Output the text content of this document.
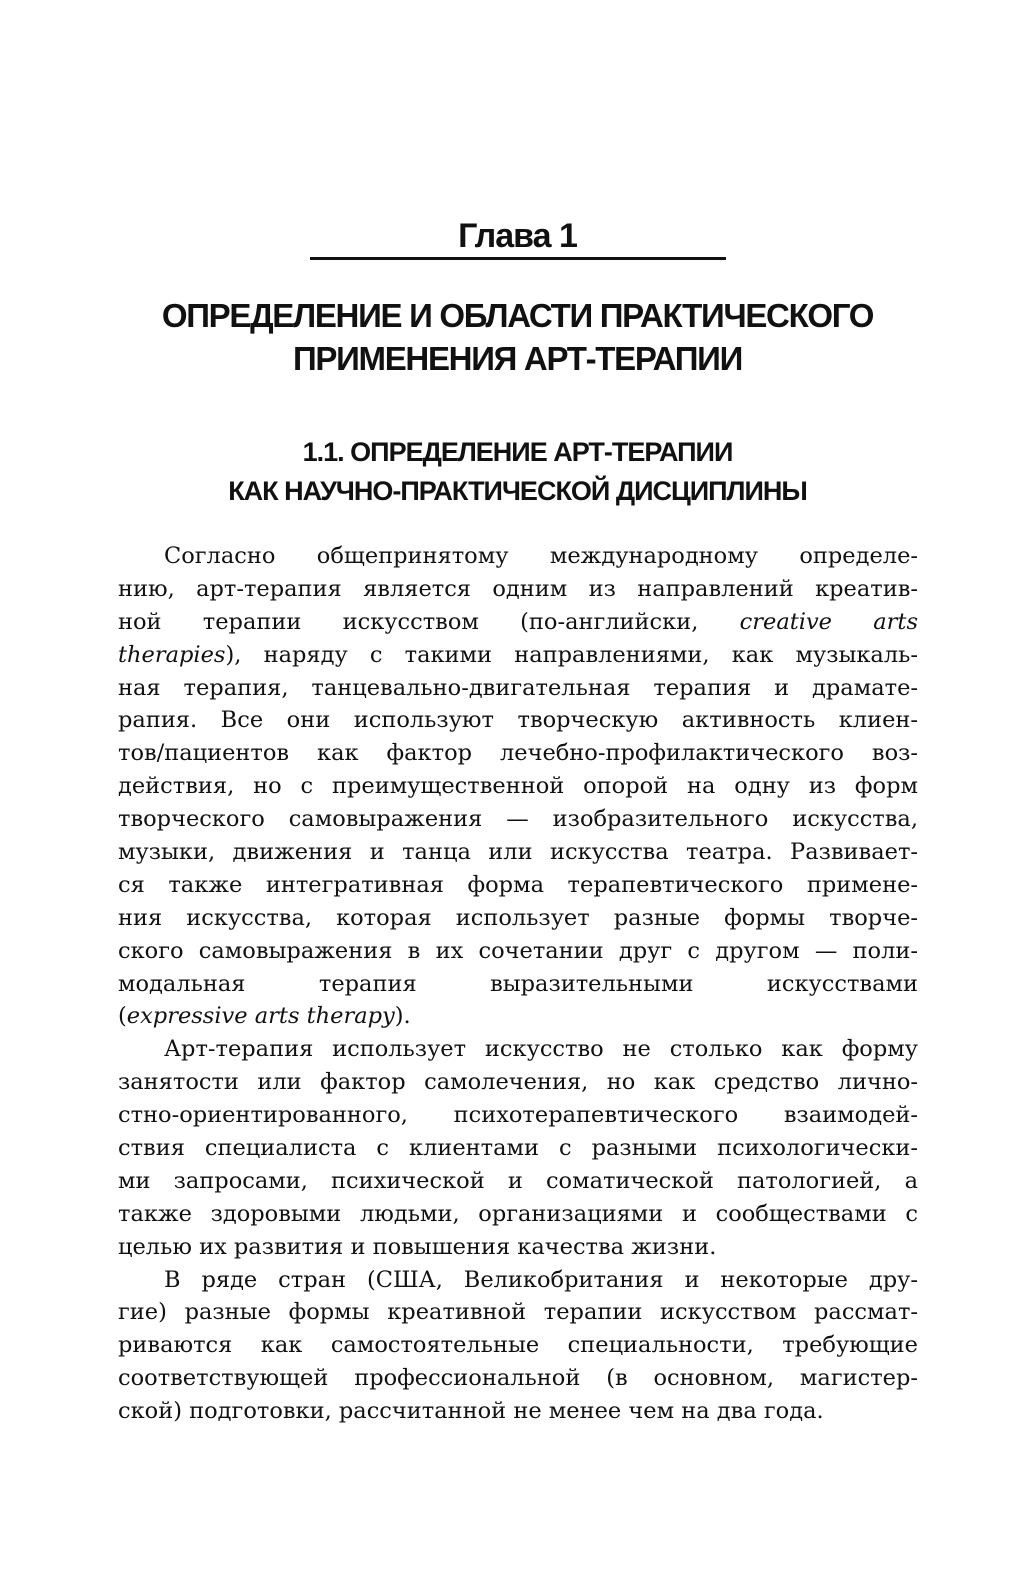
Глава 1
ОПРЕДЕЛЕНИЕ И ОБЛАСТИ ПРАКТИЧЕСКОГО
ПРИМЕНЕНИЯ АРТ-ТЕРАПИИ
1.1. ОПРЕДЕЛЕНИЕ АРТ-ТЕРАПИИ
КАК НАУЧНО-ПРАКТИЧЕСКОЙ ДИСЦИПЛИНЫ
Согласно общепринятому международному определе-
нию, арт-терапия является одним из направлений креатив-
ной терапии искусством (по-английски, creative arts
therapies), наряду с такими направлениями, как музыкаль-
ная терапия, танцевально-двигательная терапия и драмате-
рапия. Все они используют творческую активность клиен-
тов/пациентов как фактор лечебно-профилактического воз-
действия, но с преимущественной опорой на одну из форм
творческого самовыражения — изобразительного искусства,
музыки, движения и танца или искусства театра. Развивает-
ся также интегративная форма терапевтического примене-
ния искусства, которая использует разные формы творче-
ского самовыражения в их сочетании друг с другом — поли-
модальная терапия выразительными искусствами
(expressive arts therapy).
Арт-терапия использует искусство не столько как форму
занятости или фактор самолечения, но как средство лично-
стно-ориентированного, психотерапевтического взаимодей-
ствия специалиста с клиентами с разными психологически-
ми запросами, психической и соматической патологией, а
также здоровыми людьми, организациями и сообществами с
целью их развития и повышения качества жизни.
В ряде стран (США, Великобритания и некоторые дру-
гие) разные формы креативной терапии искусством рассмат-
риваются как самостоятельные специальности, требующие
соответствующей профессиональной (в основном, магистер-
ской) подготовки, рассчитанной не менее чем на два года.
